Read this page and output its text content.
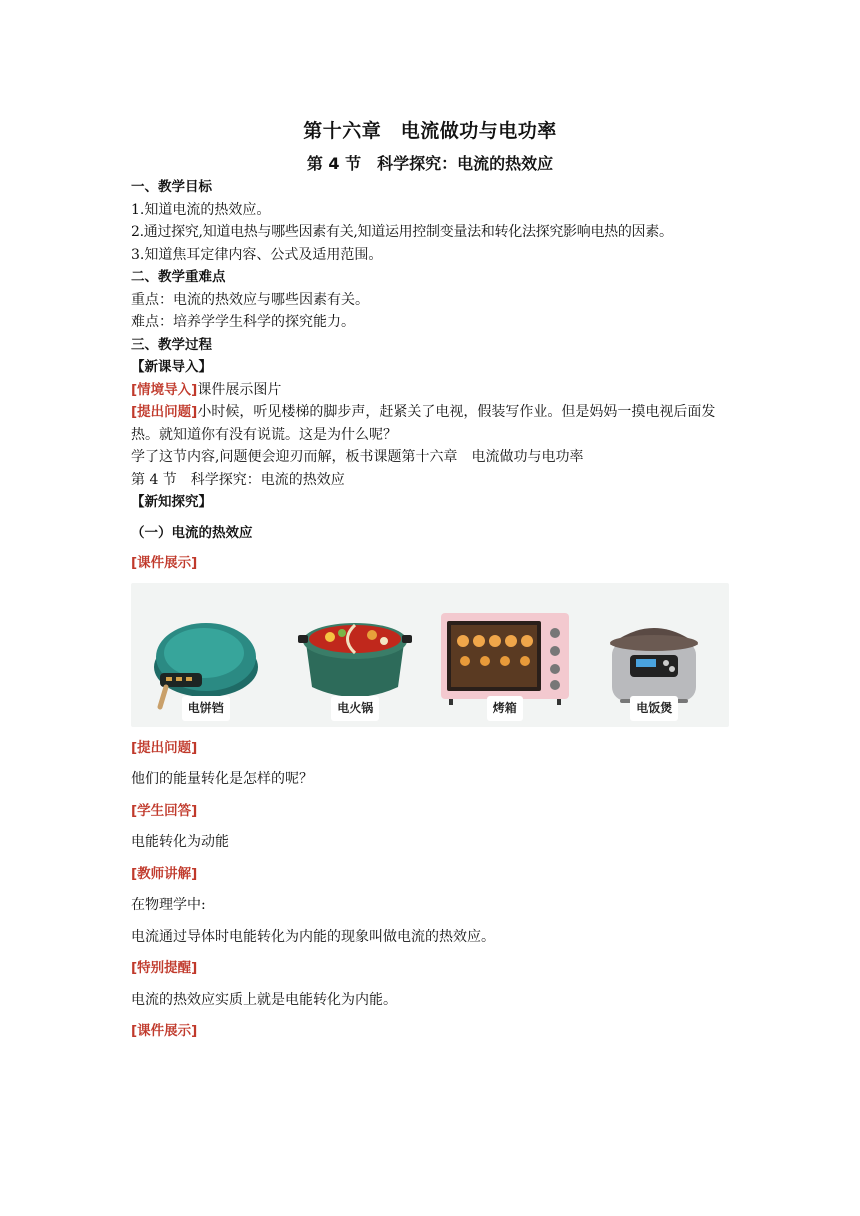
第十六章　电流做功与电功率
第 4 节　科学探究：电流的热效应

一、教学目标

1.知道电流的热效应。

2.通过探究,知道电热与哪些因素有关,知道运用控制变量法和转化法探究影响电热的因素。

3.知道焦耳定律内容、公式及适用范围。

二、教学重难点

重点：电流的热效应与哪些因素有关。

难点：培养学学生科学的探究能力。

三、教学过程

【新课导入】

[情境导入]课件展示图片

[提出问题]小时候，听见楼梯的脚步声，赶紧关了电视，假装写作业。但是妈妈一摸电视后面发热。就知道你有没有说谎。这是为什么呢？

学了这节内容,问题便会迎刃而解，板书课题第十六章　电流做功与电功率

第 4 节　科学探究：电流的热效应

【新知探究】

（一）电流的热效应

[课件展示]

电饼铛	电火锅	烤箱	电饭煲

[提出问题]

他们的能量转化是怎样的呢？

[学生回答]

电能转化为动能

[教师讲解]

在物理学中:

电流通过导体时电能转化为内能的现象叫做电流的热效应。

[特别提醒]

电流的热效应实质上就是电能转化为内能。

[课件展示]
